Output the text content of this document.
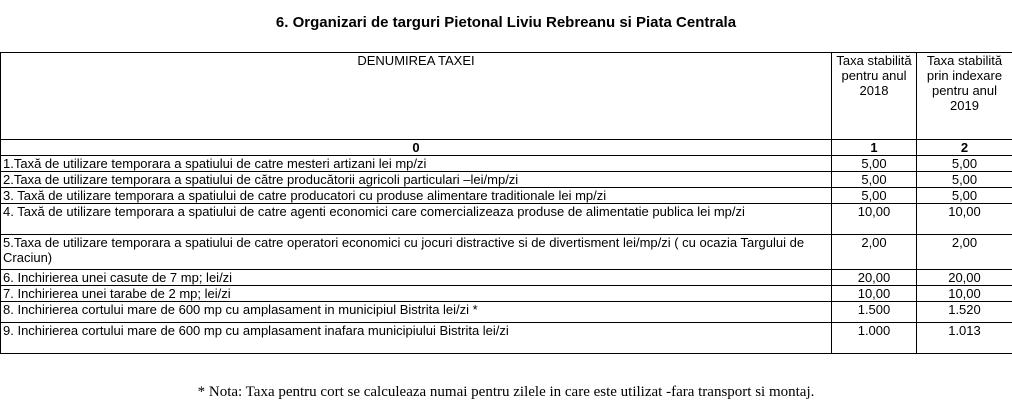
6. Organizari de targuri Pietonal Liviu Rebreanu si Piata Centrala
DENUMIREA TAXEI	Taxa stabilită pentru anul 2018	Taxa stabilită prin indexare pentru anul 2019
0	1	2
1.Taxă de utilizare temporara a spatiului de catre mesteri artizani lei mp/zi	5,00	5,00
2.Taxa de utilizare temporara a spatiului de către producătorii agricoli particulari –lei/mp/zi	5,00	5,00
3. Taxă de utilizare temporara a spatiului de catre producatori cu produse alimentare traditionale lei mp/zi	5,00	5,00
4. Taxă de utilizare temporara a spatiului de catre agenti economici care comercializeaza produse de alimentatie publica lei mp/zi	10,00	10,00
5.Taxa de utilizare temporara a spatiului de catre operatori economici cu jocuri distractive si de divertisment lei/mp/zi ( cu ocazia Targului de Craciun)	2,00	2,00
6. Inchirierea unei casute de 7 mp; lei/zi	20,00	20,00
7. Inchirierea unei tarabe de 2 mp; lei/zi	10,00	10,00
8. Inchirierea cortului mare de 600 mp cu amplasament in municipiul Bistrita lei/zi *	1.500	1.520
9. Inchirierea cortului mare de 600 mp cu amplasament inafara municipiului Bistrita lei/zi	1.000	1.013
* Nota: Taxa pentru cort se calculeaza numai pentru zilele in care este utilizat -fara transport si montaj.
